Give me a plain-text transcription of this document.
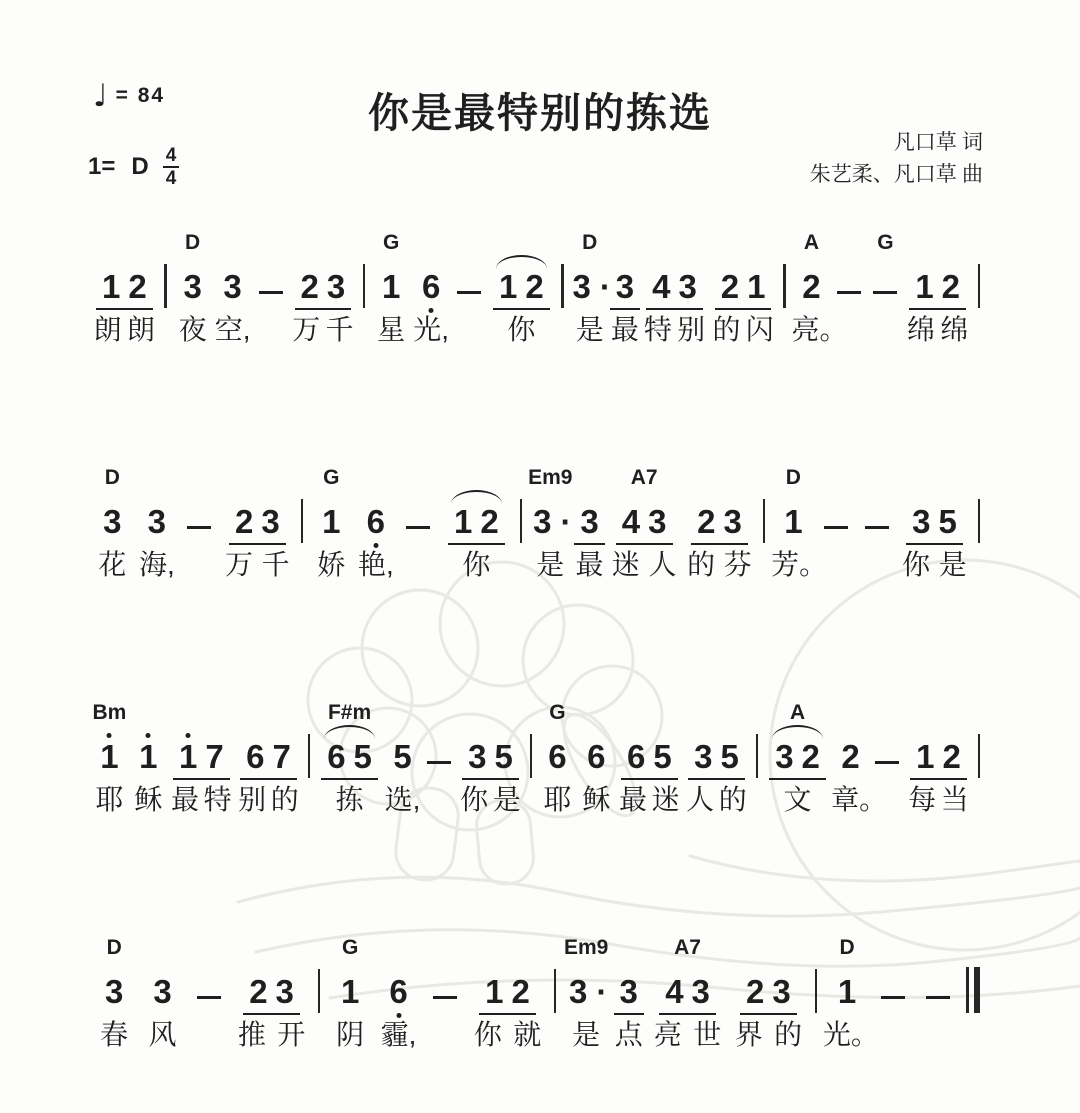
♩ = 84	你是最特别的拣选
凡口草 词
朱艺柔、凡口草 曲
1= D $\frac{4}{4}$
1 2
朗 朗
D
3
夜
3
空,
2 3
万 千
G
1
星
6
光,
1 2
你
D
3 ·
是
3
最
4 3
特 别
2 1
的 闪
A
2
亮。
G
1 2
绵 绵
D
3
花
3
海,
2 3
万 千
G
1
娇
6
艳,
1 2
你
Em9
3 ·
是
3
最
A7
4 3
迷 人
2 3
的 芬
D
1
芳。
3 5
你 是
Bm
1
耶
1
稣
1 7
最 特
6 7
别 的
F#m
6 5
拣
5
选,
3 5
你 是
G
6
耶
6
稣
6 5
最 迷
3 5
人 的
A
3 2
文
2
章。
1 2
每 当
D
3
春
3
风
2 3
推 开
G
1
阴
6
霾,
1 2
你 就
Em9
3 ·
是
3
点
A7
4 3
亮 世
2 3
界 的
D
1
光。
